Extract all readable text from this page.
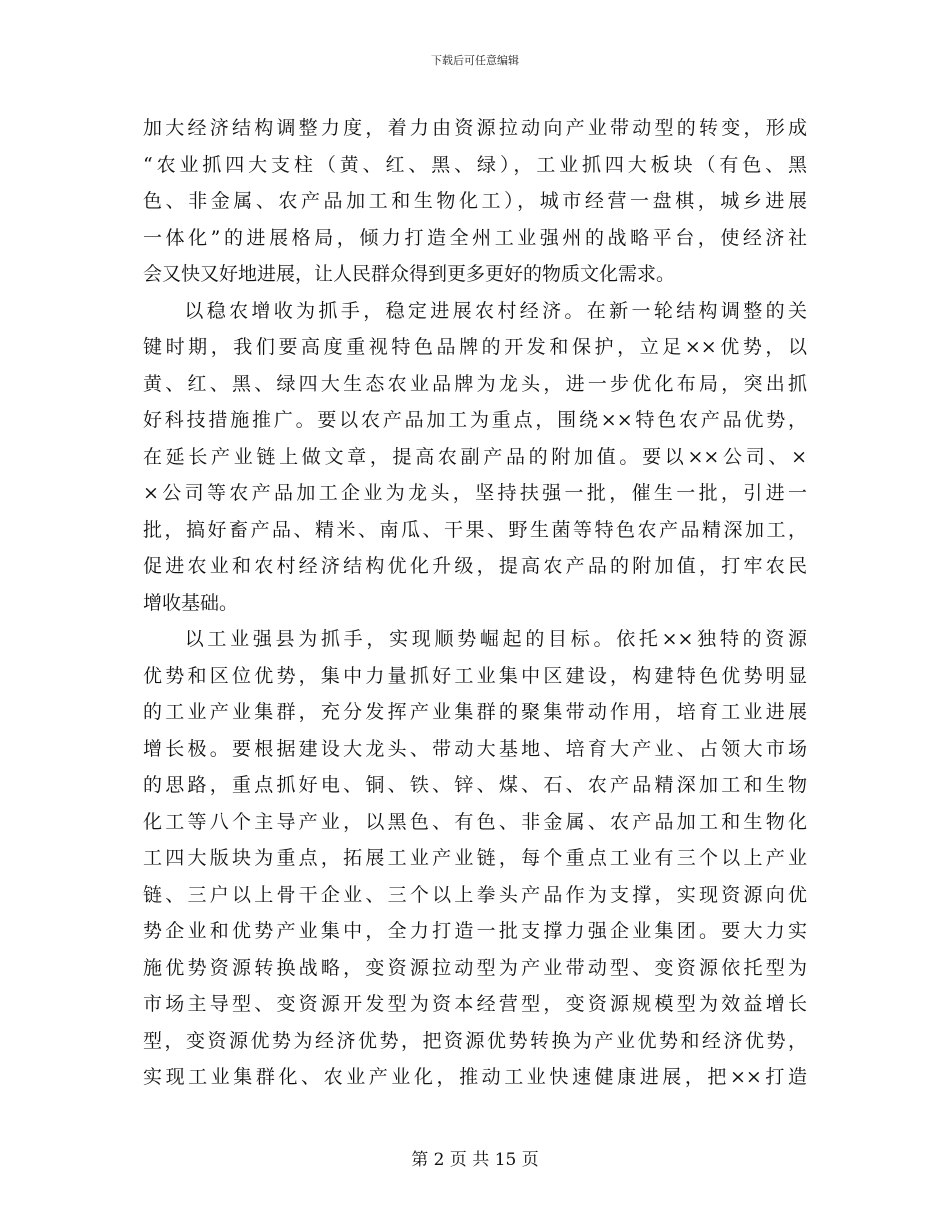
下载后可任意编辑
加大经济结构调整力度，着力由资源拉动向产业带动型的转变，形成
“农业抓四大支柱（黄、红、黑、绿），工业抓四大板块（有色、黑
色、非金属、农产品加工和生物化工），城市经营一盘棋，城乡进展
一体化”的进展格局，倾力打造全州工业强州的战略平台，使经济社
会又快又好地进展，让人民群众得到更多更好的物质文化需求。
以稳农增收为抓手，稳定进展农村经济。在新一轮结构调整的关
键时期，我们要高度重视特色品牌的开发和保护，立足××优势，以
黄、红、黑、绿四大生态农业品牌为龙头，进一步优化布局，突出抓
好科技措施推广。要以农产品加工为重点，围绕××特色农产品优势，
在延长产业链上做文章，提高农副产品的附加值。要以××公司、×
×公司等农产品加工企业为龙头，坚持扶强一批，催生一批，引进一
批，搞好畜产品、精米、南瓜、干果、野生菌等特色农产品精深加工，
促进农业和农村经济结构优化升级，提高农产品的附加值，打牢农民
增收基础。
以工业强县为抓手，实现顺势崛起的目标。依托××独特的资源
优势和区位优势，集中力量抓好工业集中区建设，构建特色优势明显
的工业产业集群，充分发挥产业集群的聚集带动作用，培育工业进展
增长极。要根据建设大龙头、带动大基地、培育大产业、占领大市场
的思路，重点抓好电、铜、铁、锌、煤、石、农产品精深加工和生物
化工等八个主导产业，以黑色、有色、非金属、农产品加工和生物化
工四大版块为重点，拓展工业产业链，每个重点工业有三个以上产业
链、三户以上骨干企业、三个以上拳头产品作为支撑，实现资源向优
势企业和优势产业集中，全力打造一批支撑力强企业集团。要大力实
施优势资源转换战略，变资源拉动型为产业带动型、变资源依托型为
市场主导型、变资源开发型为资本经营型，变资源规模型为效益增长
型，变资源优势为经济优势，把资源优势转换为产业优势和经济优势，
实现工业集群化、农业产业化，推动工业快速健康进展，把××打造
第 2 页 共 15 页
